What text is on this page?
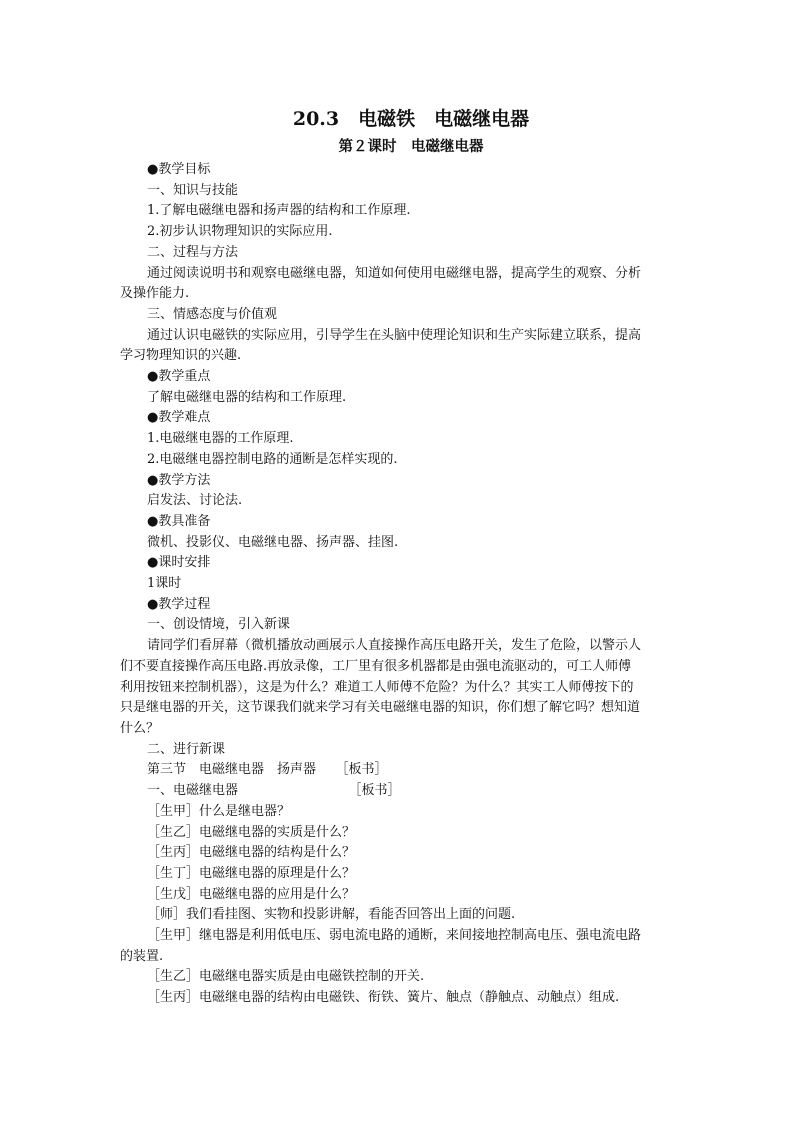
20.3　电磁铁　电磁继电器
第２课时　电磁继电器

●教学目标

一、知识与技能

1.了解电磁继电器和扬声器的结构和工作原理.

2.初步认识物理知识的实际应用.

二、过程与方法

通过阅读说明书和观察电磁继电器，知道如何使用电磁继电器，提高学生的观察、分析

及操作能力.

三、情感态度与价值观

通过认识电磁铁的实际应用，引导学生在头脑中使理论知识和生产实际建立联系，提高

学习物理知识的兴趣.

●教学重点

了解电磁继电器的结构和工作原理.

●教学难点

1.电磁继电器的工作原理.

2.电磁继电器控制电路的通断是怎样实现的.

●教学方法

启发法、讨论法.

●教具准备

微机、投影仪、电磁继电器、扬声器、挂图.

●课时安排

1课时

●教学过程

一、创设情境，引入新课

请同学们看屏幕（微机播放动画展示人直接操作高压电路开关，发生了危险，以警示人

们不要直接操作高压电路.再放录像，工厂里有很多机器都是由强电流驱动的，可工人师傅

利用按钮来控制机器），这是为什么？难道工人师傅不危险？为什么？其实工人师傅按下的

只是继电器的开关，这节课我们就来学习有关电磁继电器的知识，你们想了解它吗？想知道

什么？

二、进行新课

第三节　电磁继电器　扬声器　　［板书］

一、电磁继电器　　　　　　　　　［板书］

［生甲］什么是继电器？

［生乙］电磁继电器的实质是什么？

［生丙］电磁继电器的结构是什么？

［生丁］电磁继电器的原理是什么？

［生戊］电磁继电器的应用是什么？

［师］我们看挂图、实物和投影讲解，看能否回答出上面的问题.

［生甲］继电器是利用低电压、弱电流电路的通断，来间接地控制高电压、强电流电路

的装置.

［生乙］电磁继电器实质是由电磁铁控制的开关.

［生丙］电磁继电器的结构由电磁铁、衔铁、簧片、触点（静触点、动触点）组成.
